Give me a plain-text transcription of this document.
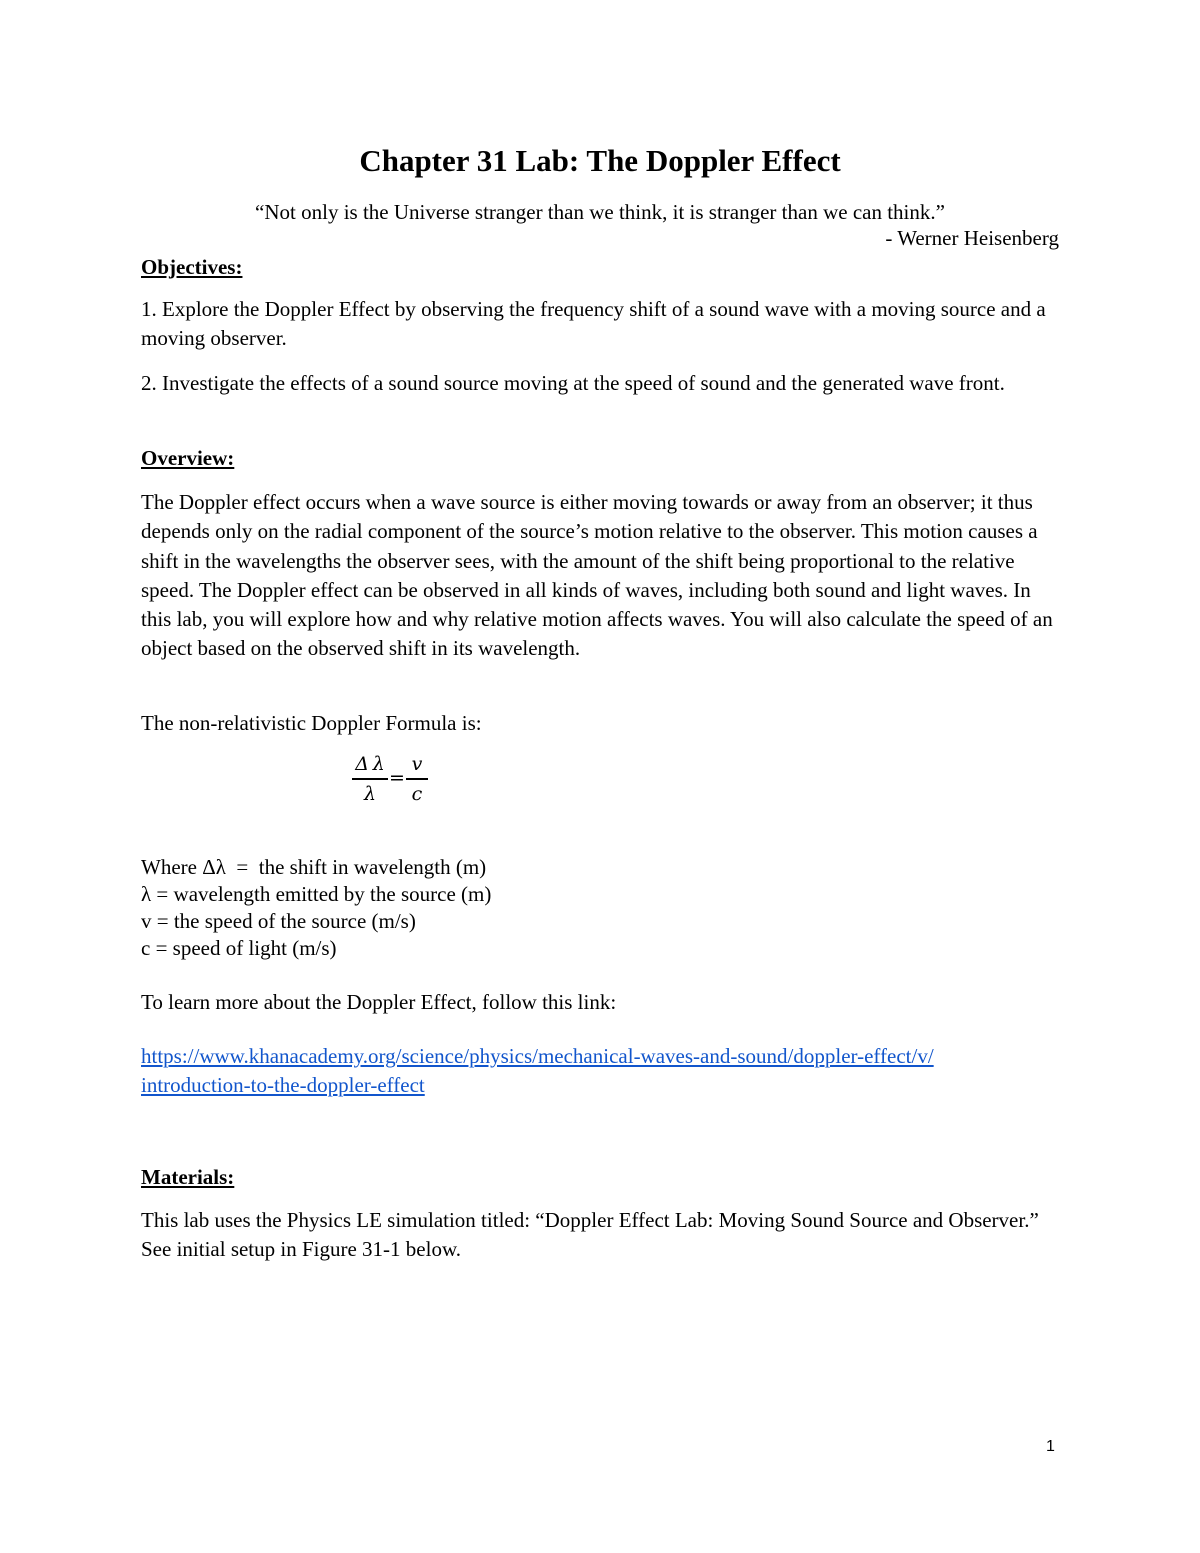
Chapter 31 Lab: The Doppler Effect

“Not only is the Universe stranger than we think, it is stranger than we can think.”

- Werner Heisenberg

Objectives:

1. Explore the Doppler Effect by observing the frequency shift of a sound wave with a moving source and a moving observer.

2. Investigate the effects of a sound source moving at the speed of sound and the generated wave front.

Overview:

The Doppler effect occurs when a wave source is either moving towards or away from an observer; it thus depends only on the radial component of the source’s motion relative to the observer. This motion causes a shift in the wavelengths the observer sees, with the amount of the shift being proportional to the relative speed. The Doppler effect can be observed in all kinds of waves, including both sound and light waves. In this lab, you will explore how and why relative motion affects waves. You will also calculate the speed of an object based on the observed shift in its wavelength.

The non-relativistic Doppler Formula is:

Δ λ
λ
=
v
c
Where Δλ  =  the shift in wavelength (m)
λ = wavelength emitted by the source (m)
v = the speed of the source (m/s)
c = speed of light (m/s)

To learn more about the Doppler Effect, follow this link:

https://www.khanacademy.org/science/physics/mechanical-waves-and-sound/doppler-effect/v/
introduction-to-the-doppler-effect
Materials:

This lab uses the Physics LE simulation titled: “Doppler Effect Lab: Moving Sound Source and Observer.” See initial setup in Figure 31-1 below.

1
